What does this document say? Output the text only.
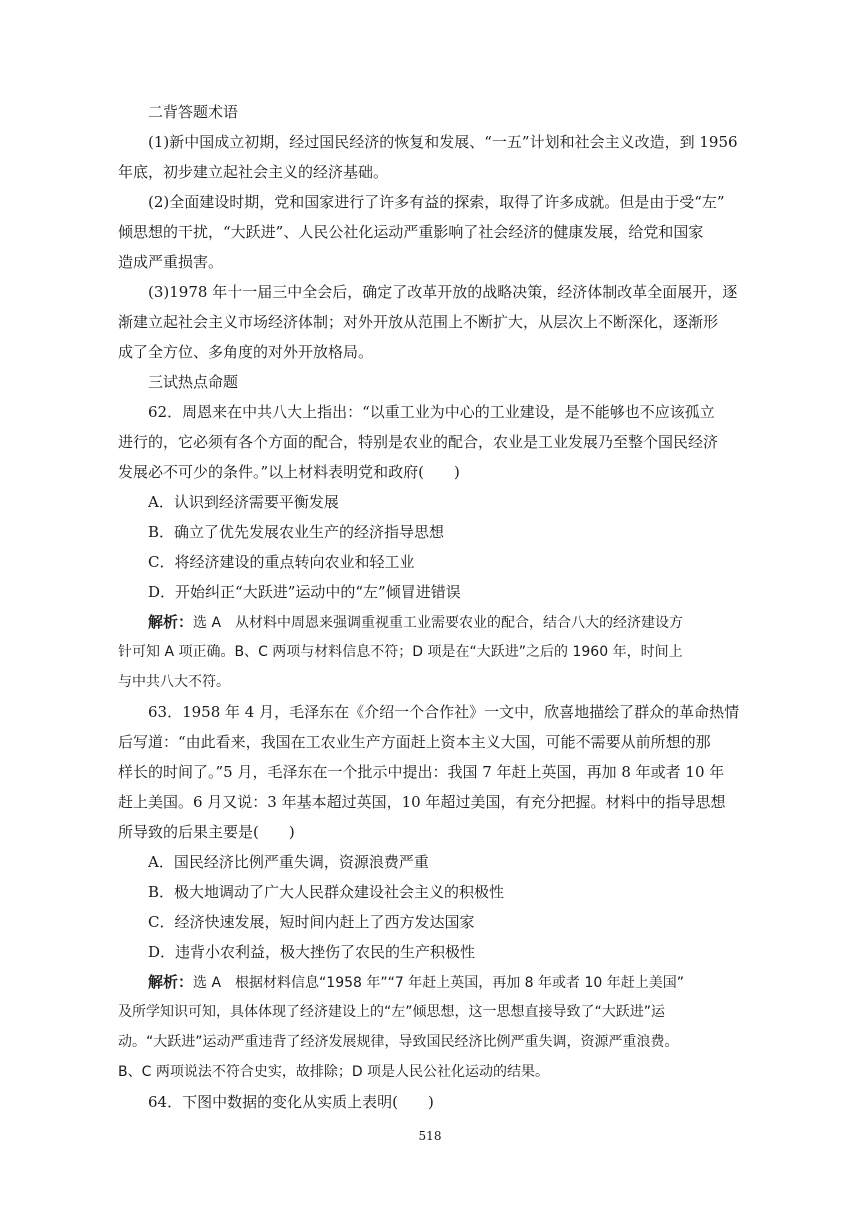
二背答题术语
(1)新中国成立初期，经过国民经济的恢复和发展、“一五”计划和社会主义改造，到 1956
年底，初步建立起社会主义的经济基础。
(2)全面建设时期，党和国家进行了许多有益的探索，取得了许多成就。但是由于受“左”
倾思想的干扰，“大跃进”、人民公社化运动严重影响了社会经济的健康发展，给党和国家
造成严重损害。
(3)1978 年十一届三中全会后，确定了改革开放的战略决策，经济体制改革全面展开，逐
渐建立起社会主义市场经济体制；对外开放从范围上不断扩大，从层次上不断深化，逐渐形
成了全方位、多角度的对外开放格局。
三试热点命题
62．周恩来在中共八大上指出：“以重工业为中心的工业建设，是不能够也不应该孤立
进行的，它必须有各个方面的配合，特别是农业的配合，农业是工业发展乃至整个国民经济
发展必不可少的条件。”以上材料表明党和政府(　　)
A．认识到经济需要平衡发展
B．确立了优先发展农业生产的经济指导思想
C．将经济建设的重点转向农业和轻工业
D．开始纠正“大跃进”运动中的“左”倾冒进错误
解析：选 A　从材料中周恩来强调重视重工业需要农业的配合，结合八大的经济建设方
针可知 A 项正确。B、C 两项与材料信息不符；D 项是在“大跃进”之后的 1960 年，时间上
与中共八大不符。
63．1958 年 4 月，毛泽东在《介绍一个合作社》一文中，欣喜地描绘了群众的革命热情
后写道：“由此看来，我国在工农业生产方面赶上资本主义大国，可能不需要从前所想的那
样长的时间了。”5 月，毛泽东在一个批示中提出：我国 7 年赶上英国，再加 8 年或者 10 年
赶上美国。6 月又说：3 年基本超过英国，10 年超过美国，有充分把握。材料中的指导思想
所导致的后果主要是(　　)
A．国民经济比例严重失调，资源浪费严重
B．极大地调动了广大人民群众建设社会主义的积极性
C．经济快速发展，短时间内赶上了西方发达国家
D．违背小农利益，极大挫伤了农民的生产积极性
解析：选 A　根据材料信息“1958 年”“7 年赶上英国，再加 8 年或者 10 年赶上美国”
及所学知识可知，具体体现了经济建设上的“左”倾思想，这一思想直接导致了“大跃进”运
动。“大跃进”运动严重违背了经济发展规律，导致国民经济比例严重失调，资源严重浪费。
B、C 两项说法不符合史实，故排除；D 项是人民公社化运动的结果。
64．下图中数据的变化从实质上表明(　　)
518
